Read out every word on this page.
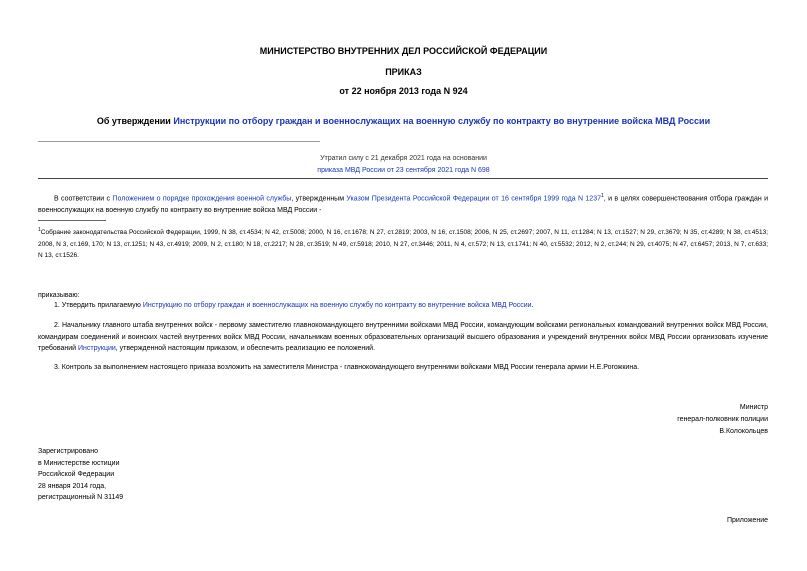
МИНИСТЕРСТВО ВНУТРЕННИХ ДЕЛ РОССИЙСКОЙ ФЕДЕРАЦИИ
ПРИКАЗ
от 22 ноября 2013 года N 924
Об утверждении Инструкции по отбору граждан и военнослужащих на военную службу по контракту во внутренние войска МВД России
Утратил силу с 21 декабря 2021 года на основании
приказа МВД России от 23 сентября 2021 года N 698
В соответствии с Положением о порядке прохождения военной службы, утвержденным Указом Президента Российской Федерации от 16 сентября 1999 года N 1237$^1$, и в целях совершенствования отбора граждан и военнослужащих на военную службу по контракту во внутренние войска МВД России -
$^1$Собрание законодательства Российской Федерации, 1999, N 38, ст.4534; N 42, ст.5008; 2000, N 16, ст.1678; N 27, ст.2819; 2003, N 16, ст.1508; 2006, N 25, ст.2697; 2007, N 11, ст.1284; N 13, ст.1527; N 29, ст.3679; N 35, ст.4289; N 38, ст.4513; 2008, N 3, ст.169, 170; N 13, ст.1251; N 43, ст.4919; 2009, N 2, ст.180; N 18, ст.2217; N 28, ст.3519; N 49, ст.5918; 2010, N 27, ст.3446; 2011, N 4, ст.572; N 13, ст.1741; N 40, ст.5532; 2012, N 2, ст.244; N 29, ст.4075; N 47, ст.6457; 2013, N 7, ст.633; N 13, ст.1526.
приказываю:
1. Утвердить прилагаемую Инструкцию по отбору граждан и военнослужащих на военную службу по контракту во внутренние войска МВД России.
2. Начальнику главного штаба внутренних войск - первому заместителю главнокомандующего внутренними войсками МВД России, командующим войсками региональных командований внутренних войск МВД России, командирам соединений и воинских частей внутренних войск МВД России, начальникам военных образовательных организаций высшего образования и учреждений внутренних войск МВД России организовать изучение требований Инструкции, утвержденной настоящим приказом, и обеспечить реализацию ее положений.
3. Контроль за выполнением настоящего приказа возложить на заместителя Министра - главнокомандующего внутренними войсками МВД России генерала армии Н.Е.Рогожкина.
Министр
генерал-полковник полиции
В.Колокольцев
Зарегистрировано
в Министерстве юстиции
Российской Федерации
28 января 2014 года,
регистрационный N 31149
Приложение
